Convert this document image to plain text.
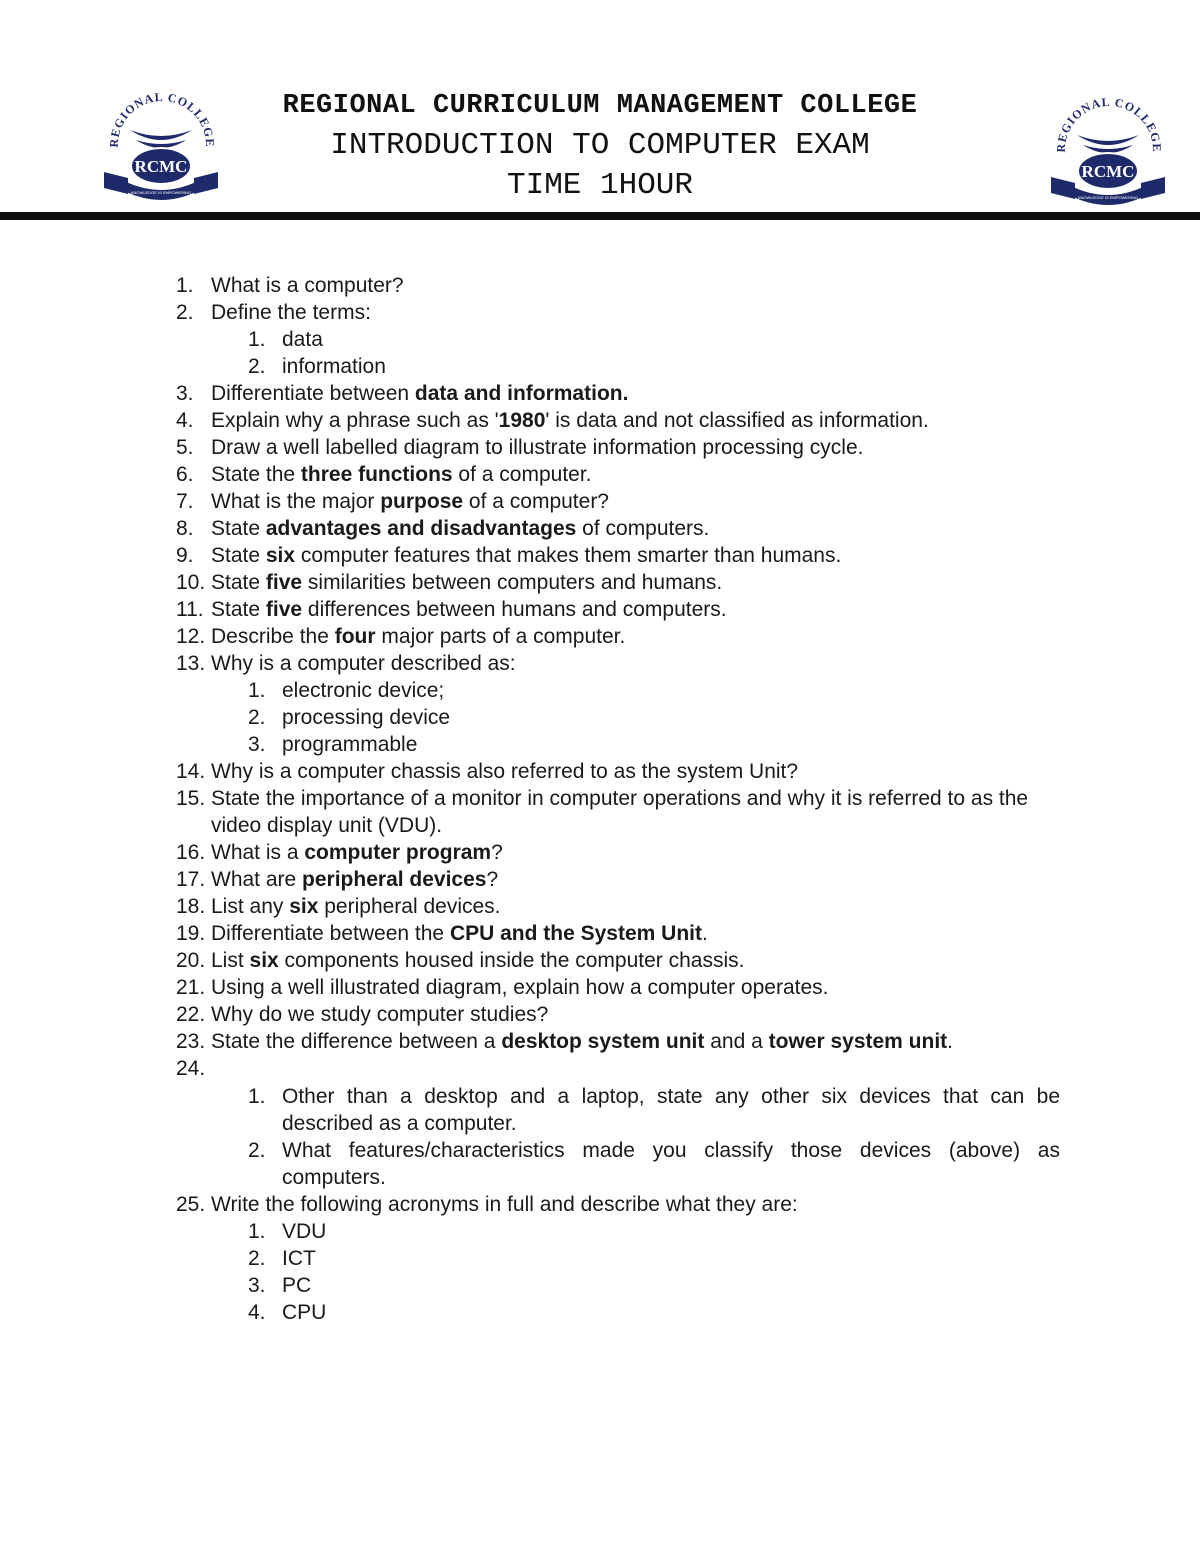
REGIONAL COLLEGE
RCMC
KNOWLEDGE IS EMPOWERING
REGIONAL CURRICULUM MANAGEMENT COLLEGE
INTRODUCTION TO COMPUTER EXAM
TIME 1HOUR
REGIONAL COLLEGE
RCMC
KNOWLEDGE IS EMPOWERING
1. What is a computer?
2. Define the terms:
1. data
2. information
3. Differentiate between data and information.
4. Explain why a phrase such as '1980' is data and not classified as information.
5. Draw a well labelled diagram to illustrate information processing cycle.
6. State the three functions of a computer.
7. What is the major purpose of a computer?
8. State advantages and disadvantages of computers.
9. State six computer features that makes them smarter than humans.
10. State five similarities between computers and humans.
11. State five differences between humans and computers.
12. Describe the four major parts of a computer.
13. Why is a computer described as:
1. electronic device;
2. processing device
3. programmable
14. Why is a computer chassis also referred to as the system Unit?
15. State the importance of a monitor in computer operations and why it is referred to as the video display unit (VDU).
16. What is a computer program?
17. What are peripheral devices?
18. List any six peripheral devices.
19. Differentiate between the CPU and the System Unit.
20. List six components housed inside the computer chassis.
21. Using a well illustrated diagram, explain how a computer operates.
22. Why do we study computer studies?
23. State the difference between a desktop system unit and a tower system unit.
24.
1. Other than a desktop and a laptop, state any other six devices that can be described as a computer.
2. What features/characteristics made you classify those devices (above) as computers.
25. Write the following acronyms in full and describe what they are:
1. VDU
2. ICT
3. PC
4. CPU
